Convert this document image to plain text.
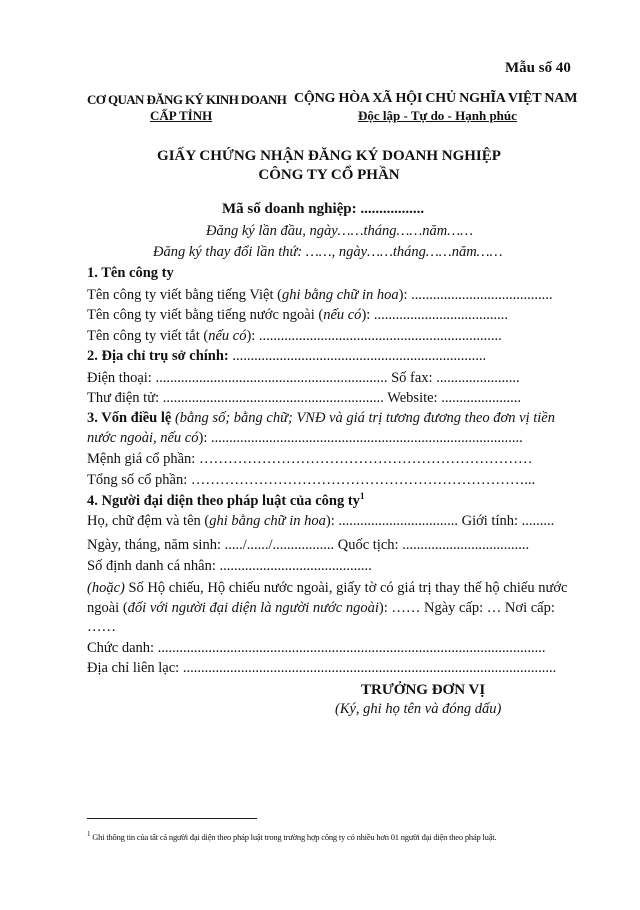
Mẫu số 40
CƠ QUAN ĐĂNG KÝ KINH DOANH
CẤP TỈNH
CỘNG HÒA XÃ HỘI CHỦ NGHĨA VIỆT NAM
Độc lập - Tự do - Hạnh phúc
GIẤY CHỨNG NHẬN ĐĂNG KÝ DOANH NGHIỆP
CÔNG TY CỔ PHẦN
Mã số doanh nghiệp: .................
Đăng ký lần đầu, ngày……tháng……năm……
Đăng ký thay đổi lần thứ: ……, ngày……tháng……năm……
1. Tên công ty
Tên công ty viết bằng tiếng Việt (ghi bằng chữ in hoa): .......................................
Tên công ty viết bằng tiếng nước ngoài (nếu có): .....................................
Tên công ty viết tắt (nếu có): ...................................................................
2. Địa chỉ trụ sở chính: ......................................................................
Điện thoại: ................................................................ Số fax: .......................
Thư điện tử: ............................................................. Website: ......................
3. Vốn điều lệ (bằng số; bằng chữ; VNĐ và giá trị tương đương theo đơn vị tiền
nước ngoài, nếu có): ......................................................................................
Mệnh giá cổ phần: ……………………………………………………………
Tổng số cổ phần: ……………………………………………………………...
4. Người đại diện theo pháp luật của công $ty^1$
Họ, chữ đệm và tên (ghi bằng chữ in hoa): ................................. Giới tính: .........
Ngày, tháng, năm sinh: ...../....../................. Quốc tịch: ...................................
Số định danh cá nhân: ..........................................
(hoặc) Số Hộ chiếu, Hộ chiếu nước ngoài, giấy tờ có giá trị thay thế hộ chiếu nước
ngoài (đối với người đại diện là người nước ngoài): …… Ngày cấp: … Nơi cấp:
……
Chức danh: ...........................................................................................................
Địa chỉ liên lạc: .......................................................................................................
TRƯỞNG ĐƠN VỊ
(Ký, ghi họ tên và đóng dấu)
$^1$ Ghi thông tin của tất cả người đại diện theo pháp luật trong trường hợp công ty có nhiều hơn 01 người đại diện theo pháp luật.
